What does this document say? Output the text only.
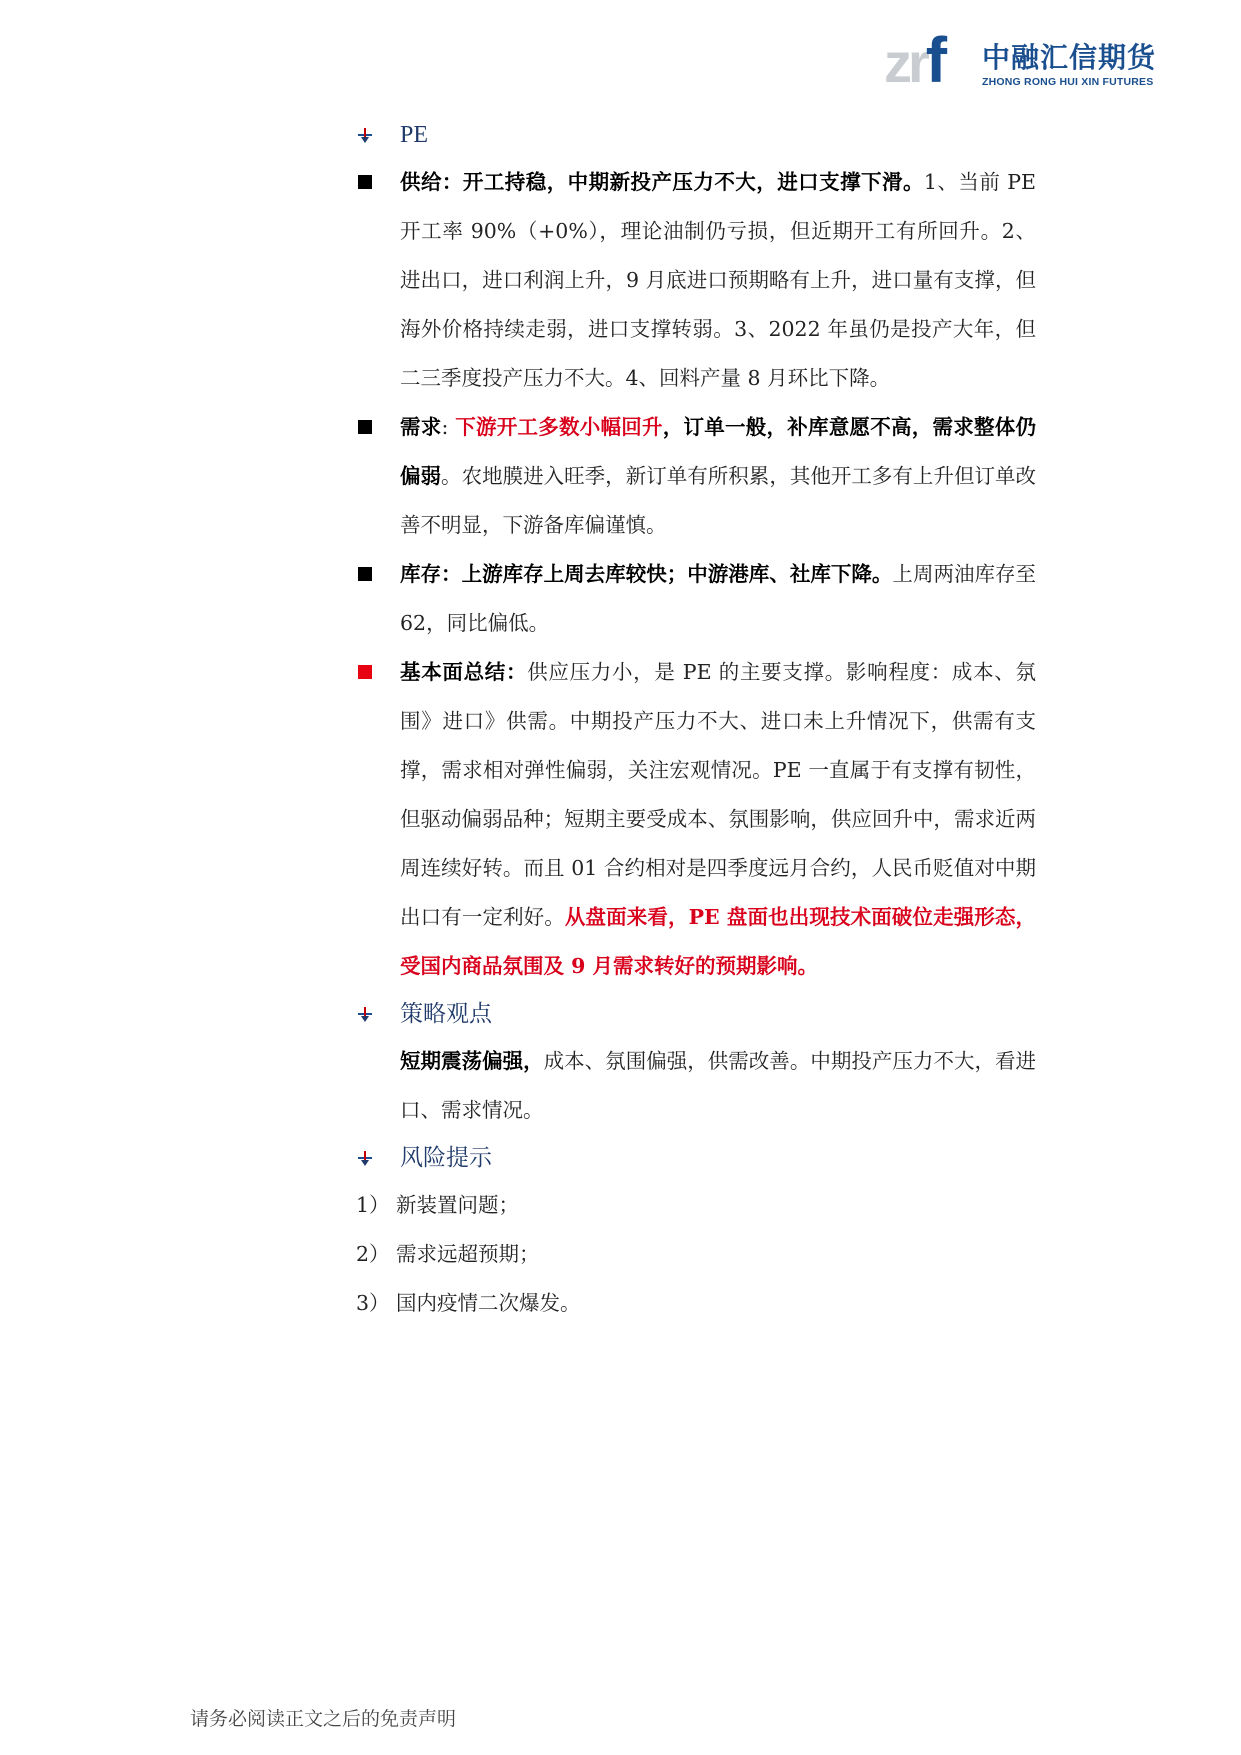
zrf 中融汇信期货
ZHONG RONG HUI XIN FUTURES
PE
供给：开工持稳，中期新投产压力不大，进口支撑下滑。1、当前 PE 开工率 90%（+0%），理论油制仍亏损，但近期开工有所回升。2、进出口，进口利润上升，9 月底进口预期略有上升，进口量有支撑，但海外价格持续走弱，进口支撑转弱。3、2022 年虽仍是投产大年，但二三季度投产压力不大。4、回料产量 8 月环比下降。
需求: 下游开工多数小幅回升，订单一般，补库意愿不高，需求整体仍偏弱。农地膜进入旺季，新订单有所积累，其他开工多有上升但订单改善不明显，下游备库偏谨慎。
库存：上游库存上周去库较快；中游港库、社库下降。上周两油库存至 62，同比偏低。
基本面总结：供应压力小，是 PE 的主要支撑。影响程度：成本、氛围》进口》供需。中期投产压力不大、进口未上升情况下，供需有支撑，需求相对弹性偏弱，关注宏观情况。PE 一直属于有支撑有韧性，但驱动偏弱品种；短期主要受成本、氛围影响，供应回升中，需求近两周连续好转。而且 01 合约相对是四季度远月合约，人民币贬值对中期出口有一定利好。从盘面来看，PE 盘面也出现技术面破位走强形态，受国内商品氛围及 9 月需求转好的预期影响。
策略观点
短期震荡偏强，成本、氛围偏强，供需改善。中期投产压力不大，看进口、需求情况。
风险提示
1） 新装置问题；
2） 需求远超预期；
3） 国内疫情二次爆发。
请务必阅读正文之后的免责声明
